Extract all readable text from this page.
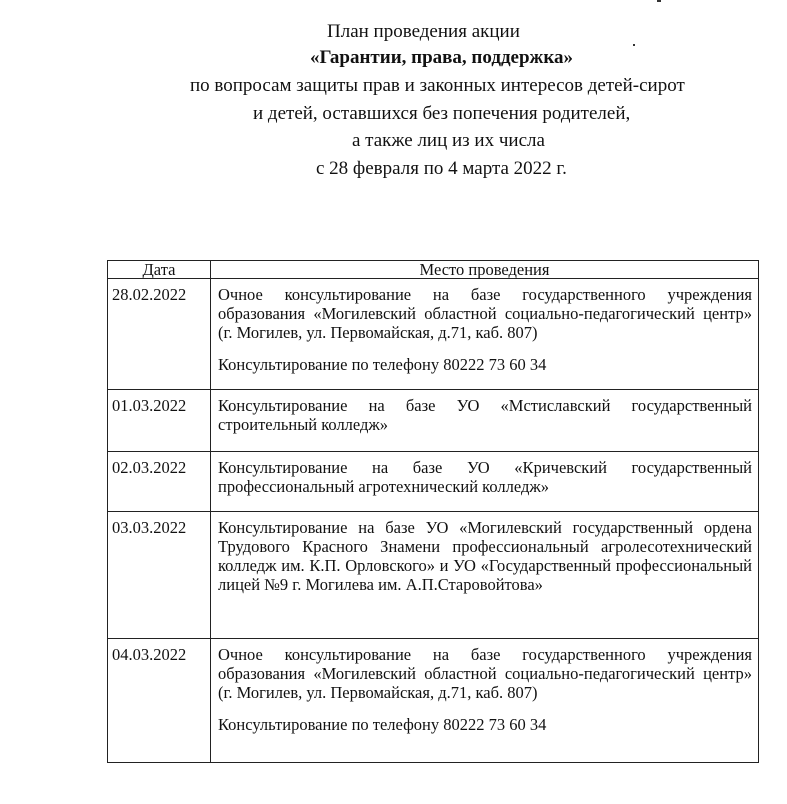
План проведения акции
«Гарантии, права, поддержка»
по вопросам защиты прав и законных интересов детей-сирот
и детей, оставшихся без попечения родителей,
а также лиц из их числа
с 28 февраля по 4 марта 2022 г.
Дата	Место проведения
28.02.2022	Очное консультирование на базе государственного учреждения образования «Могилевский областной социально-педагогический центр» (г. Могилев, ул. Первомайская, д.71, каб. 807)

Консультирование по телефону 80222 73 60 34

01.03.2022	Консультирование на базе УО «Мстиславский государственный строительный колледж»

02.03.2022	Консультирование на базе УО «Кричевский государственный профессиональный агротехнический колледж»

03.03.2022	Консультирование на базе УО «Могилевский государственный ордена Трудового Красного Знамени профессиональный агролесотехнический колледж им. К.П. Орловского» и УО «Государственный профессиональный лицей №9 г. Могилева им. А.П.Старовойтова»

04.03.2022	Очное консультирование на базе государственного учреждения образования «Могилевский областной социально-педагогический центр» (г. Могилев, ул. Первомайская, д.71, каб. 807)

Консультирование по телефону 80222 73 60 34
